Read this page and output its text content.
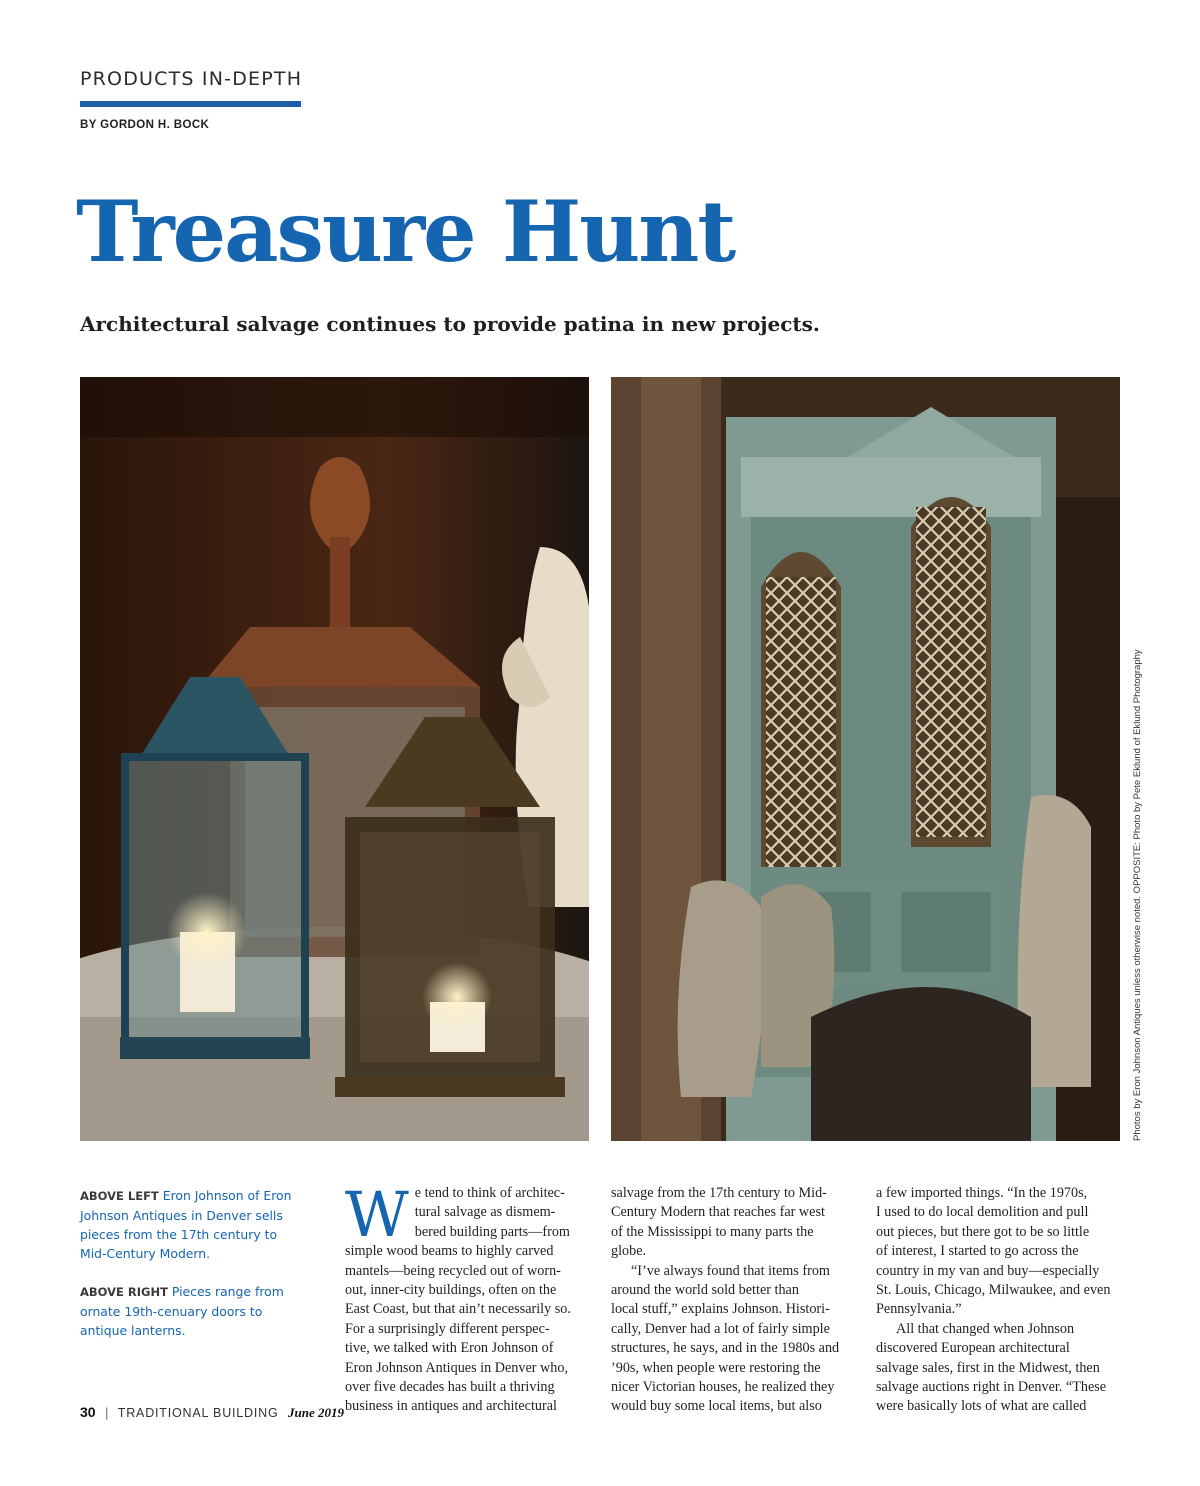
PRODUCTS IN-DEPTH
BY GORDON H. BOCK
Treasure Hunt
Architectural salvage continues to provide patina in new projects.
Photos by Eron Johnson Antiques unless otherwise noted. OPPOSITE: Photo by Pete Eklund of Eklund Photography
ABOVE LEFT Eron Johnson of Eron Johnson Antiques in Denver sells pieces from the 17th century to Mid-Century Modern.
ABOVE RIGHT Pieces range from ornate 19th-cenuary doors to antique lanterns.
W e tend to think of architec-
tural salvage as dismem-
bered building parts—from
simple wood beams to highly carved
mantels—being recycled out of worn-
out, inner-city buildings, often on the
East Coast, but that ain’t necessarily so.
For a surprisingly different perspec-
tive, we talked with Eron Johnson of
Eron Johnson Antiques in Denver who,
over five decades has built a thriving
business in antiques and architectural
salvage from the 17th century to Mid-
Century Modern that reaches far west
of the Mississippi to many parts the
globe.
“I’ve always found that items from
around the world sold better than
local stuff,” explains Johnson. Histori-
cally, Denver had a lot of fairly simple
structures, he says, and in the 1980s and
’90s, when people were restoring the
nicer Victorian houses, he realized they
would buy some local items, but also
a few imported things. “In the 1970s,
I used to do local demolition and pull
out pieces, but there got to be so little
of interest, I started to go across the
country in my van and buy—especially
St. Louis, Chicago, Milwaukee, and even
Pennsylvania.”
All that changed when Johnson
discovered European architectural
salvage sales, first in the Midwest, then
salvage auctions right in Denver. “These
were basically lots of what are called
30 | TRADITIONAL BUILDING June 2019
